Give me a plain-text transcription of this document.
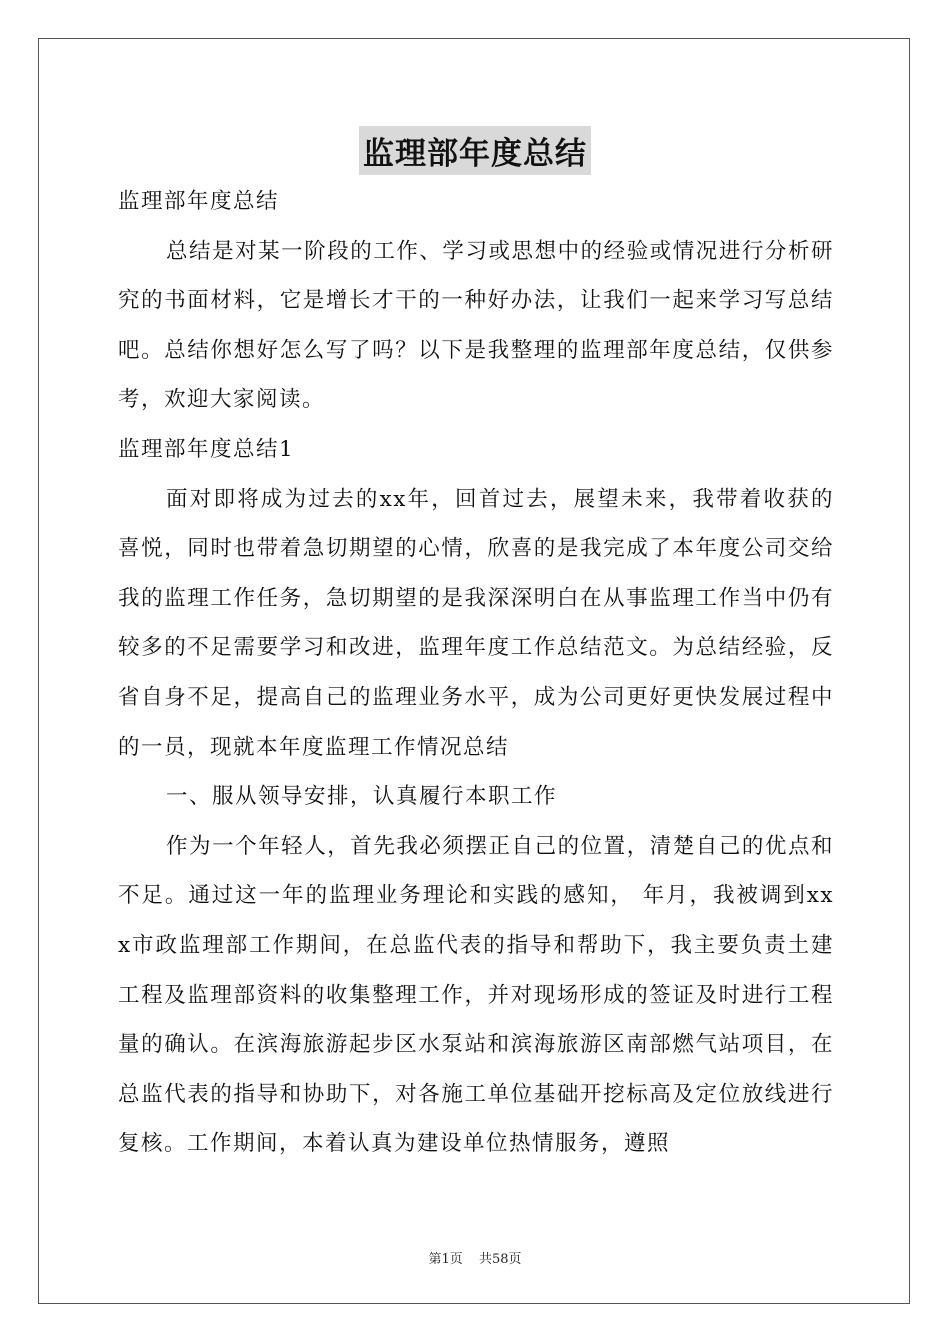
监理部年度总结

监理部年度总结

总结是对某一阶段的工作、学习或思想中的经验或情况进行分析研究的书面材料，它是增长才干的一种好办法，让我们一起来学习写总结吧。总结你想好怎么写了吗？以下是我整理的监理部年度总结，仅供参考，欢迎大家阅读。

监理部年度总结1

面对即将成为过去的xx年，回首过去，展望未来，我带着收获的喜悦，同时也带着急切期望的心情，欣喜的是我完成了本年度公司交给我的监理工作任务，急切期望的是我深深明白在从事监理工作当中仍有较多的不足需要学习和改进，监理年度工作总结范文。为总结经验，反省自身不足，提高自己的监理业务水平，成为公司更好更快发展过程中的一员，现就本年度监理工作情况总结

一、服从领导安排，认真履行本职工作

作为一个年轻人，首先我必须摆正自己的位置，清楚自己的优点和不足。通过这一年的监理业务理论和实践的感知， 年月，我被调到xxx市政监理部工作期间，在总监代表的指导和帮助下，我主要负责土建工程及监理部资料的收集整理工作，并对现场形成的签证及时进行工程量的确认。在滨海旅游起步区水泵站和滨海旅游区南部燃气站项目，在总监代表的指导和协助下，对各施工单位基础开挖标高及定位放线进行复核。工作期间，本着认真为建设单位热情服务，遵照

第1页 共58页
